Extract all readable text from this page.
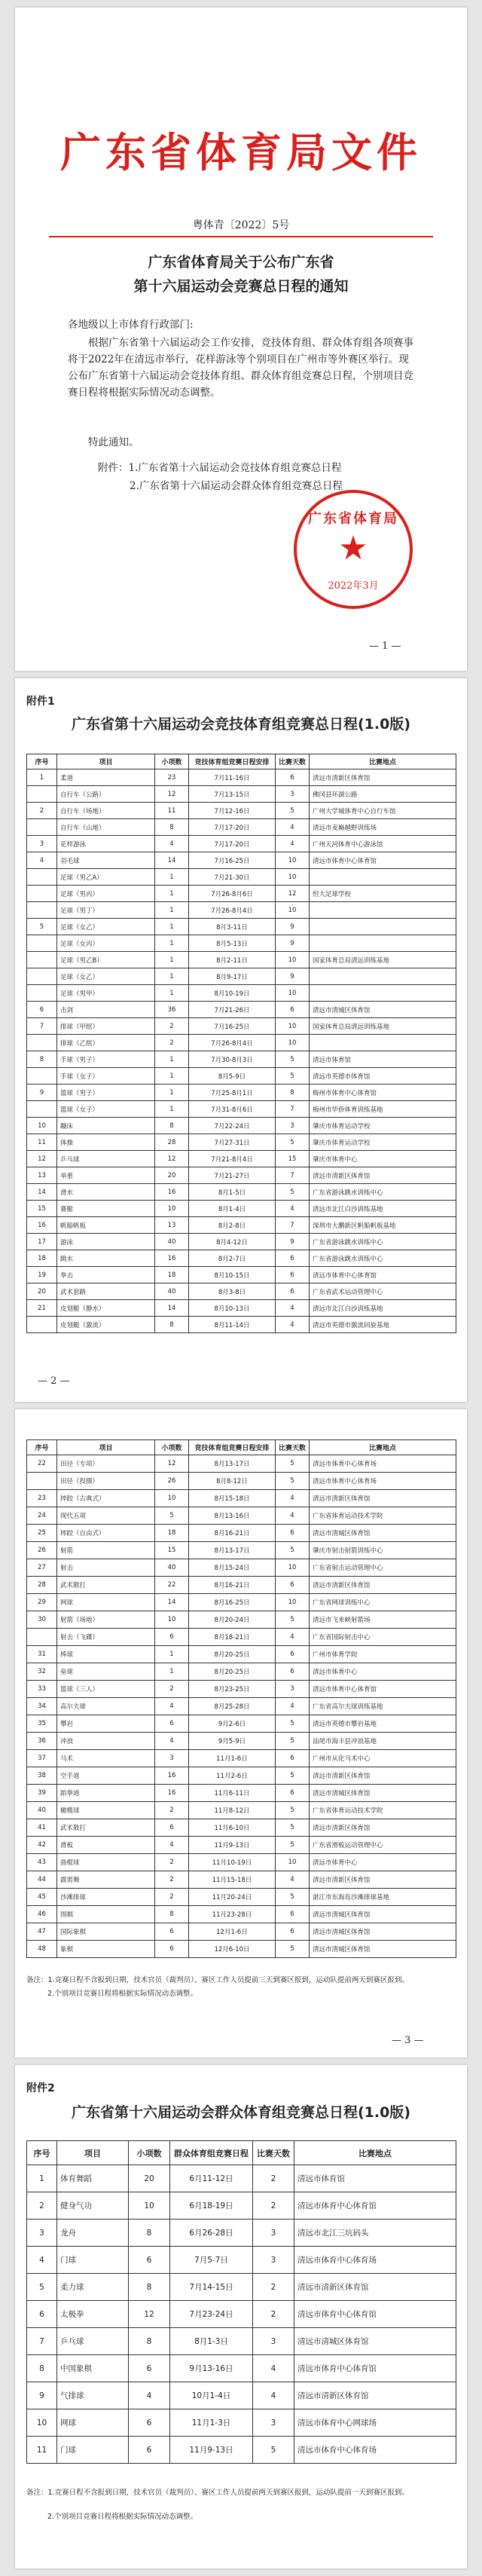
广东省体育局文件
粤体青〔2022〕5号
广东省体育局关于公布广东省
第十六届运动会竞赛总日程的通知
各地级以上市体育行政部门:
根据广东省第十六届运动会工作安排，竞技体育组、群众体育组各项赛事将于2022年在清远市举行，花样游泳等个别项目在广州市等外赛区举行。现公布广东省第十六届运动会竞技体育组、群众体育组竞赛总日程，个别项目竞赛日程将根据实际情况动态调整。
特此通知。
附件：1.广东省第十六届运动会竞技体育组竞赛总日程
2.广东省第十六届运动会群众体育组竞赛总日程
广东省体育局
★
2022年3月
— 1 —
附件1
广东省第十六届运动会竞技体育组竞赛总日程(1.0版)
序号	项目	小项数	竞技体育组竞赛日程安排	比赛天数	比赛地点
1	柔道	23	7月11-16日	6	清远市清新区体育馆
	自行车（公路）	12	7月13-15日	3	佛冈县环湖公路
2	自行车（场地）	11	7月12-16日	5	广州大学城体育中心自行车馆
	自行车（山地）	8	7月17-20日	4	清远市麦巅越野训练场
3	花样游泳	4	7月17-20日	4	广州天河体育中心游泳馆
4	羽毛球	14	7月16-25日	10	清远市体育中心体育馆
	足球（男乙A）	1	7月21-30日	10	
	足球（男丙）	1	7月26-8月6日	12	恒大足球学校
	足球（男丁）	1	7月26-8月4日	10	
5	足球（女乙）	1	8月3-11日	9	
	足球（女丙）	1	8月5-13日	9	
	足球（男乙B）	1	8月2-11日	10	国家体育总局清远训练基地
	足球（女乙）	1	8月9-17日	9	
	足球（男甲）	1	8月10-19日	10	
6	击剑	36	7月21-26日	6	清远市清城区体育馆
7	排球（甲组）	2	7月16-25日	10	国家体育总局清远训练基地
	排球（乙组）	2	7月26-8月4日	10	
8	手球（男子）	1	7月30-8月3日	5	清远市体育馆
	手球（女子）	1	8月5-9日	5	清远市英德市体育馆
9	篮球（男子）	1	7月25-8月1日	8	梅州市体育中心体育馆
	篮球（女子）	1	7月31-8月6日	7	梅州市华侨体育训练基地
10	蹦床	8	7月22-24日	3	肇庆市体育运动学校
11	体操	28	7月27-31日	5	肇庆市体育运动学校
12	乒乓球	12	7月21-8月4日	15	肇庆市体育中心
13	举重	20	7月21-27日	7	清远市清新区体育馆
14	滑水	16	8月1-5日	5	广东省游泳跳水训练中心
15	赛艇	10	8月1-4日	4	清远市北江白沙训练基地
16	帆船帆板	13	8月2-8日	7	深圳市大鹏新区帆船帆板基地
17	游泳	40	8月4-12日	9	广东省游泳跳水训练中心
18	跳水	16	8月2-7日	6	广东省游泳跳水训练中心
19	拳击	18	8月10-15日	6	清远市体育中心体育馆
20	武术套路	40	8月3-8日	6	广东省武术运动管理中心
21	皮划艇（静水）	14	8月10-13日	4	清远市北江白沙训练基地
	皮划艇（激流）	8	8月11-14日	4	清远市英德市激流回旋基地
— 2 —
序号	项目	小项数	竞技体育组竞赛日程安排	比赛天数	比赛地点
22	田径（专项）	12	8月13-17日	5	清远市体育中心体育场
	田径（投掷）	26	8月8-12日	5	清远市体育中心体育场
23	摔跤（古典式）	10	8月15-18日	4	清远市清新区体育馆
24	现代五项	5	8月13-16日	4	广东省体育运动技术学院
25	摔跤（自由式）	18	8月16-21日	6	清远市清城区体育馆
26	射箭	15	8月13-17日	5	肇庆市射击射箭训练中心
27	射击	40	8月15-24日	10	广东省射击运动管理中心
28	武术散打	22	8月16-21日	6	清远市清新区体育馆
29	网球	14	8月16-25日	10	广东省网球训练中心
30	射箭（场地）	10	8月20-24日	5	清远市飞来峡射箭场
	射击（飞碟）	6	8月18-21日	4	广东省国际射击中心
31	棒球	1	8月20-25日	6	广州市体育学院
32	垒球	1	8月20-25日	6	清远市体育中心
33	篮球（三人）	2	8月23-25日	3	清远市体育中心体育馆
34	高尔夫球	4	8月25-28日	4	广东省高尔夫球训练基地
35	攀岩	6	9月2-6日	5	清远市英德市攀岩基地
36	冲浪	4	9月5-9日	5	汕尾市海丰县冲浪基地
37	马术	3	11月1-6日	6	广州市从化马术中心
38	空手道	16	11月2-6日	5	清远市清新区体育馆
39	跆拳道	16	11月6-11日	6	清远市清城区体育馆
40	橄榄球	2	11月8-12日	5	广东省体育运动技术学院
41	武术散打	6	11月6-10日	5	清远市清新区体育馆
42	滑板	4	11月9-13日	5	广东省滑板运动管理中心
43	曲棍球	2	11月10-19日	10	清远市体育中心
44	霹雳舞	2	11月15-18日	4	清远市清新区体育馆
45	沙滩排球	2	11月20-24日	5	湛江市东海岛沙滩排球基地
46	围棋	8	11月23-28日	6	清远市清城区体育馆
47	国际象棋	6	12月1-6日	6	清远市清城区体育馆
48	象棋	6	12月6-10日	5	清远市清城区体育馆
备注：1.竞赛日程不含报到日期，技术官员（裁判员）、赛区工作人员提前三天到赛区报到，运动队提前两天到赛区报到。
2.个别项目竞赛日程将根据实际情况动态调整。
— 3 —
附件2
广东省第十六届运动会群众体育组竞赛总日程(1.0版)
序号	项目	小项数	群众体育组竞赛日程	比赛天数	比赛地点
1	体育舞蹈	20	6月11-12日	2	清远市体育馆
2	健身气功	10	6月18-19日	2	清远市体育中心体育馆
3	龙舟	8	6月26-28日	3	清远市北江三坑码头
4	门球	6	7月5-7日	3	清远市体育中心体育场
5	柔力球	8	7月14-15日	2	清远市清新区体育馆
6	太极拳	12	7月23-24日	2	清远市体育中心体育馆
7	乒乓球	8	8月1-3日	3	清远市清城区体育馆
8	中国象棋	6	9月13-16日	4	清远市体育中心体育馆
9	气排球	4	10月1-4日	4	清远市清新区体育馆
10	网球	6	11月1-3日	3	清远市体育中心网球场
11	门球	6	11月9-13日	5	清远市体育中心体育场
备注：1.竞赛日程不含报到日期，技术官员（裁判员）、赛区工作人员提前两天到赛区报到，运动队提前一天到赛区报到。
2.个别项目竞赛日程将根据实际情况动态调整。
